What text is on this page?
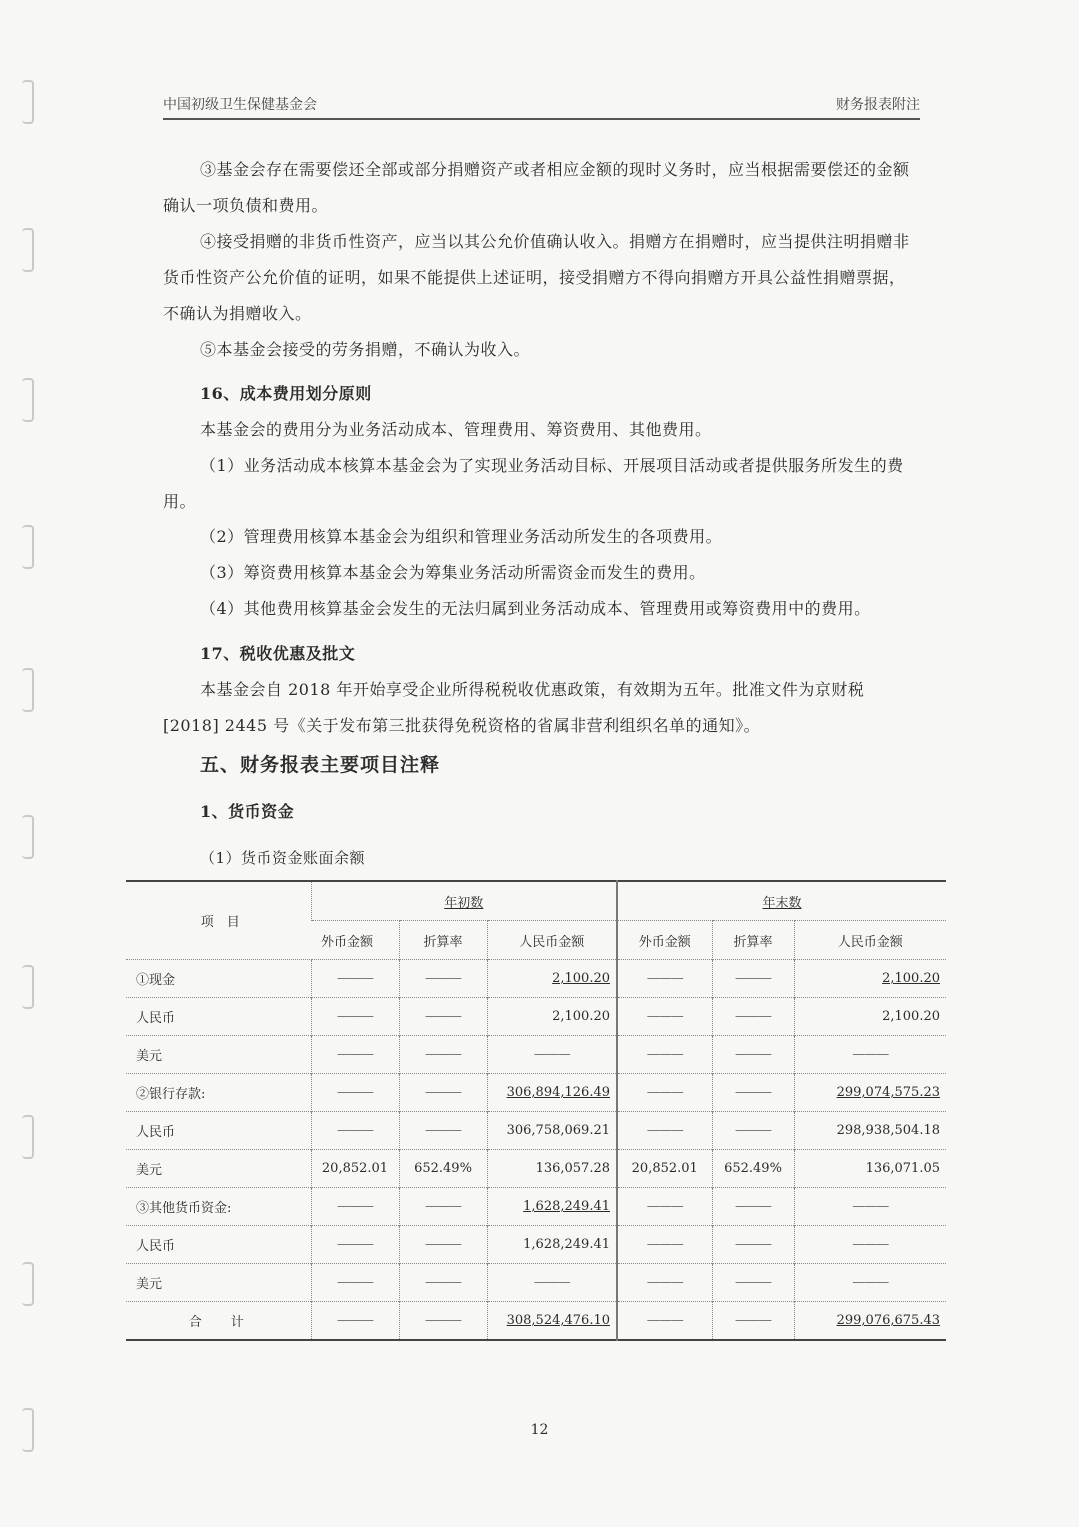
中国初级卫生保健基金会	财务报表附注
③基金会存在需要偿还全部或部分捐赠资产或者相应金额的现时义务时，应当根据需要偿还的金额确认一项负债和费用。
④接受捐赠的非货币性资产，应当以其公允价值确认收入。捐赠方在捐赠时，应当提供注明捐赠非货币性资产公允价值的证明，如果不能提供上述证明，接受捐赠方不得向捐赠方开具公益性捐赠票据，不确认为捐赠收入。
⑤本基金会接受的劳务捐赠，不确认为收入。
16、成本费用划分原则
本基金会的费用分为业务活动成本、管理费用、筹资费用、其他费用。
（1）业务活动成本核算本基金会为了实现业务活动目标、开展项目活动或者提供服务所发生的费用。
（2）管理费用核算本基金会为组织和管理业务活动所发生的各项费用。
（3）筹资费用核算本基金会为筹集业务活动所需资金而发生的费用。
（4）其他费用核算基金会发生的无法归属到业务活动成本、管理费用或筹资费用中的费用。
17、税收优惠及批文
本基金会自 2018 年开始享受企业所得税税收优惠政策，有效期为五年。批准文件为京财税 [2018] 2445 号《关于发布第三批获得免税资格的省属非营利组织名单的通知》。
五、财务报表主要项目注释
1、货币资金
（1）货币资金账面余额
项　目	年初数			年末数		
	外币金额	折算率	人民币金额	外币金额	折算率	人民币金额
①现金	———	———	2,100.20	———	———	2,100.20
人民币	———	———	2,100.20	———	———	2,100.20
美元	———	———	———	———	———	———
②银行存款:	———	———	306,894,126.49	———	———	299,074,575.23
人民币	———	———	306,758,069.21	———	———	298,938,504.18
美元	20,852.01	652.49%	136,057.28	20,852.01	652.49%	136,071.05
③其他货币资金:	———	———	1,628,249.41	———	———	———
人民币	———	———	1,628,249.41	———	———	———
美元	———	———	———	———	———	———
合　计	———	———	308,524,476.10	———	———	299,076,675.43
12
